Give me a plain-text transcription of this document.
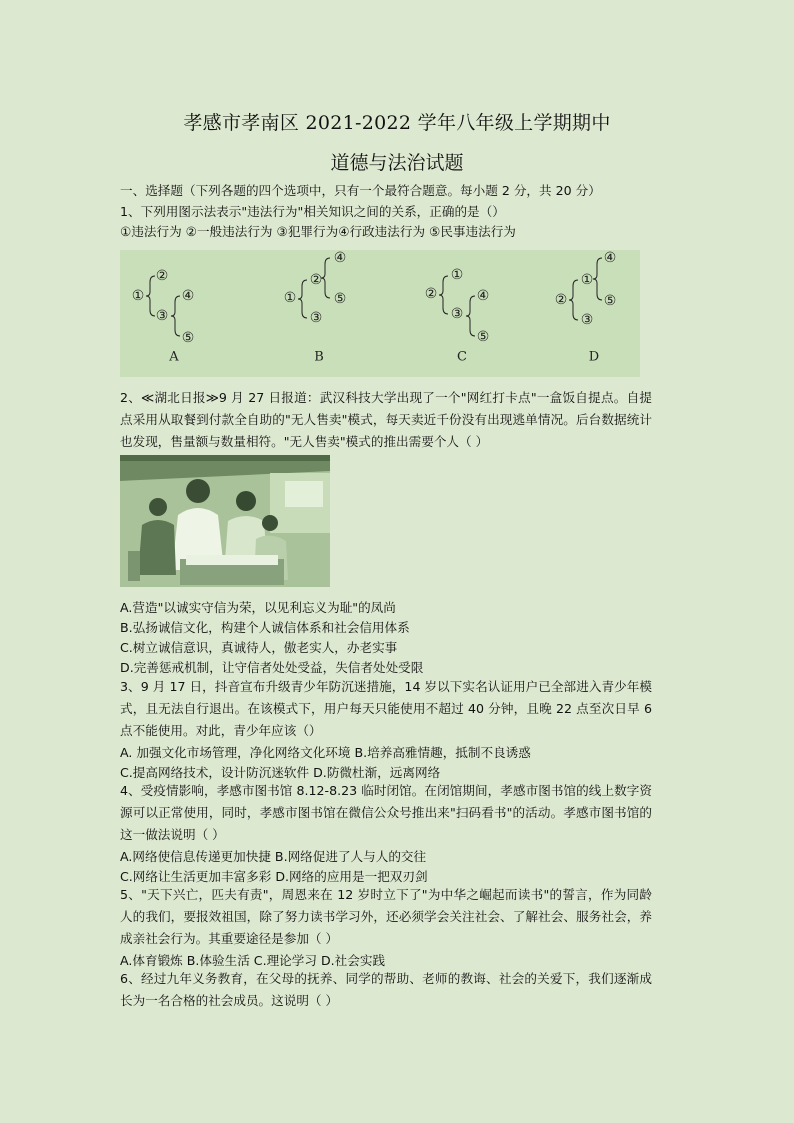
孝感市孝南区 2021-2022 学年八年级上学期期中
道德与法治试题
一、选择题（下列各题的四个选项中，只有一个最符合题意。每小题 2 分，共 20 分）
1、下列用图示法表示"违法行为"相关知识之间的关系，正确的是（）
①违法行为 ②一般违法行为 ③犯罪行为④行政违法行为 ⑤民事违法行为
①
②
③
④
⑤
A
①
②
③
④
⑤
B
②
①
③
④
⑤
C
②
①
③
④
⑤
D
2、≪湖北日报≫9 月 27 日报道：武汉科技大学出现了一个"网红打卡点"一盒饭自提点。自提点采用从取餐到付款全自助的"无人售卖"模式，每天卖近千份没有出现逃单情况。后台数据统计也发现，售量额与数量相符。"无人售卖"模式的推出需要个人（ ）
A.营造"以诚实守信为荣，以见利忘义为耻"的凤尚
B.弘扬诚信文化，构建个人诚信体系和社会信用体系
C.树立诚信意识，真诚待人，傲老实人，办老实事
D.完善惩戒机制，让守信者处处受益，失信者处处受限
3、9 月 17 日，抖音宣布升级青少年防沉迷措施，14 岁以下实名认证用户已全部进入青少年模式，且无法自行退出。在该模式下，用户每天只能使用不超过 40 分钟，且晚 22 点至次日早 6 点不能使用。对此，青少年应该（）
A. 加强文化市场管理，净化网络文化环境 B.培养高雅情趣，抵制不良诱惑
C.提高网络技术，设计防沉迷软件 D.防微杜渐，远离网络
4、受疫情影响，孝感市图书馆 8.12-8.23 临时闭馆。在闭馆期间，孝感市图书馆的线上数字资源可以正常使用，同时，孝感市图书馆在微信公众号推出来"扫码看书"的活动。孝感市图书馆的这一做法说明（ ）
A.网络使信息传递更加快捷 B.网络促进了人与人的交往
C.网络让生活更加丰富多彩 D.网络的应用是一把双刃剑
5、"天下兴亡，匹夫有责"，周恩来在 12 岁时立下了"为中华之崛起而读书"的誓言，作为同龄人的我们，要报效祖国，除了努力读书学习外，还必须学会关注社会、了解社会、服务社会，养成亲社会行为。其重要途径是参加（ ）
A.体育锻炼 B.体验生活 C.理论学习 D.社会实践
6、经过九年义务教育，在父母的抚养、同学的帮助、老师的教诲、社会的关爱下，我们逐渐成长为一名合格的社会成员。这说明（ ）
